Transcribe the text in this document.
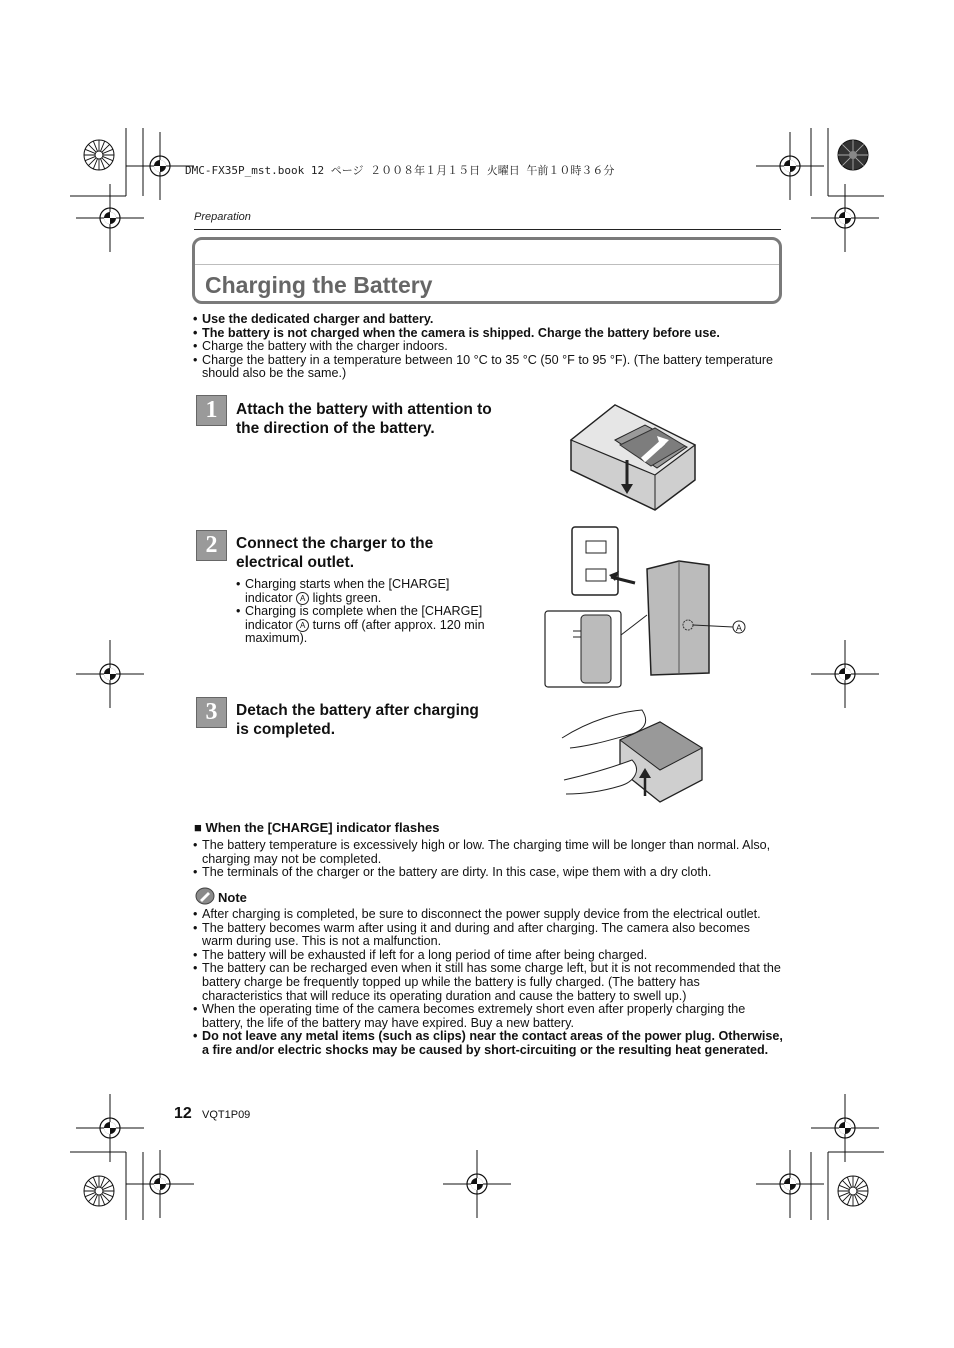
DMC-FX35P_mst.book 12 ページ ２００８年１月１５日 火曜日 午前１０時３６分
Preparation
Charging the Battery
• Use the dedicated charger and battery.
• The battery is not charged when the camera is shipped. Charge the battery before use.
• Charge the battery with the charger indoors.
• Charge the battery in a temperature between 10 °C to 35 °C (50 °F to 95 °F). (The battery temperature should also be the same.)
1	Attach the battery with attention to the direction of the battery.
2	Connect the charger to the electrical outlet.
• Charging starts when the [CHARGE] indicator A lights green.
• Charging is complete when the [CHARGE] indicator A turns off (after approx. 120 min maximum).
A
3	Detach the battery after charging is completed.
■ When the [CHARGE] indicator flashes
• The battery temperature is excessively high or low. The charging time will be longer than normal. Also, charging may not be completed.
• The terminals of the charger or the battery are dirty. In this case, wipe them with a dry cloth.
Note
• After charging is completed, be sure to disconnect the power supply device from the electrical outlet.
• The battery becomes warm after using it and during and after charging. The camera also becomes warm during use. This is not a malfunction.
• The battery will be exhausted if left for a long period of time after being charged.
• The battery can be recharged even when it still has some charge left, but it is not recommended that the battery charge be frequently topped up while the battery is fully charged. (The battery has characteristics that will reduce its operating duration and cause the battery to swell up.)
• When the operating time of the camera becomes extremely short even after properly charging the battery, the life of the battery may have expired. Buy a new battery.
• Do not leave any metal items (such as clips) near the contact areas of the power plug. Otherwise, a fire and/or electric shocks may be caused by short-circuiting or the resulting heat generated.
12 VQT1P09
